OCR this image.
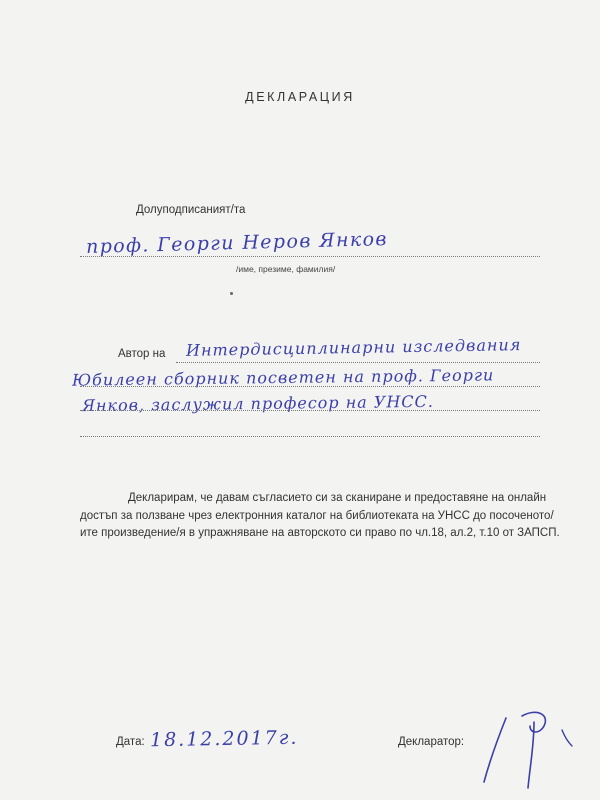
ДЕКЛАРАЦИЯ
Долуподписаният/та
проф. Георги Неров Янков
/име, презиме, фамилия/
Автор на Интердисциплинарни изследвания
Юбилеен сборник посветен на проф. Георги
Янков, заслужил професор на УНСС.
Декларирам, че давам съгласието си за сканиране и предоставяне на онлайн достъп за ползване чрез електронния каталог на библиотеката на УНСС до посоченото/ите произведение/я в упражняване на авторското си право по чл.18, ал.2, т.10 от ЗАПСП.
Дата: 18.12.2017г.	Декларатор:
